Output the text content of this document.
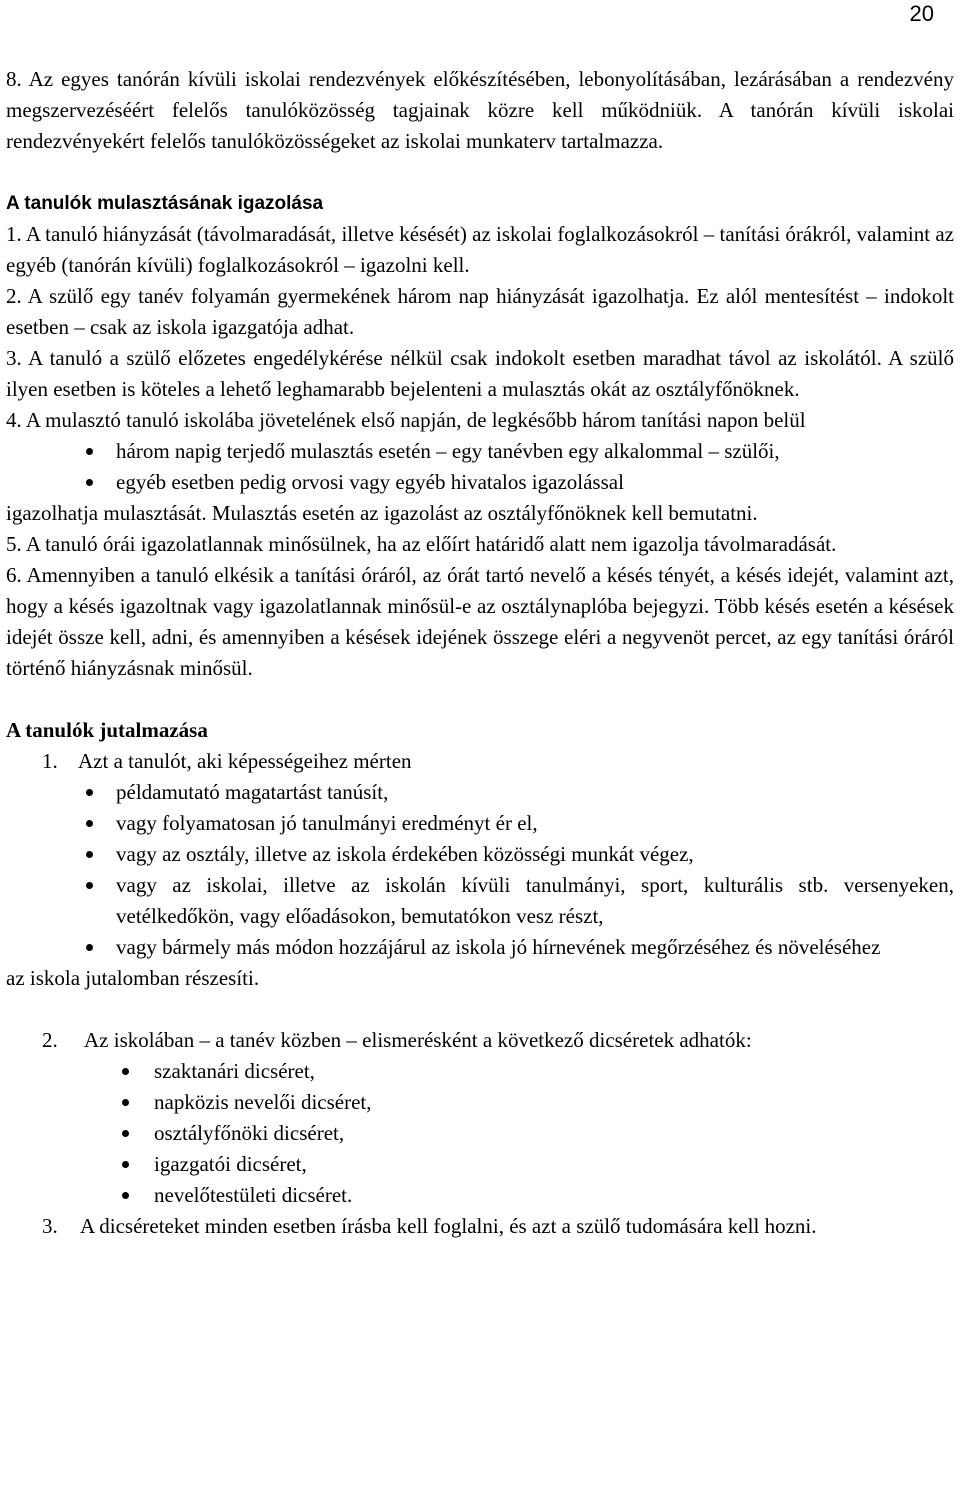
20

8. Az egyes tanórán kívüli iskolai rendezvények előkészítésében, lebonyolításában, lezárásában a rendezvény megszervezéséért felelős tanulóközösség tagjainak közre kell működniük. A tanórán kívüli iskolai rendezvényekért felelős tanulóközösségeket az iskolai munkaterv tartalmazza.

A tanulók mulasztásának igazolása

1. A tanuló hiányzását (távolmaradását, illetve késését) az iskolai foglalkozásokról – tanítási órákról, valamint az egyéb (tanórán kívüli) foglalkozásokról – igazolni kell.

2. A szülő egy tanév folyamán gyermekének három nap hiányzását igazolhatja. Ez alól mentesítést – indokolt esetben – csak az iskola igazgatója adhat.

3. A tanuló a szülő előzetes engedélykérése nélkül csak indokolt esetben maradhat távol az iskolától. A szülő ilyen esetben is köteles a lehető leghamarabb bejelenteni a mulasztás okát az osztályfőnöknek.

4. A mulasztó tanuló iskolába jövetelének első napján, de legkésőbb három tanítási napon belül

három napig terjedő mulasztás esetén – egy tanévben egy alkalommal – szülői,
egyéb esetben pedig orvosi vagy egyéb hivatalos igazolással

igazolhatja mulasztását. Mulasztás esetén az igazolást az osztályfőnöknek kell bemutatni.

5. A tanuló órái igazolatlannak minősülnek, ha az előírt határidő alatt nem igazolja távolmaradását.

6. Amennyiben a tanuló elkésik a tanítási óráról, az órát tartó nevelő a késés tényét, a késés idejét, valamint azt, hogy a késés igazoltnak vagy igazolatlannak minősül-e az osztálynaplóba bejegyzi. Több késés esetén a késések idejét össze kell, adni, és amennyiben a késések idejének összege eléri a negyvenöt percet, az egy tanítási óráról történő hiányzásnak minősül.

A tanulók jutalmazása

1. Azt a tanulót, aki képességeihez mérten

példamutató magatartást tanúsít,
vagy folyamatosan jó tanulmányi eredményt ér el,
vagy az osztály, illetve az iskola érdekében közösségi munkát végez,
vagy az iskolai, illetve az iskolán kívüli tanulmányi, sport, kulturális stb. versenyeken, vetélkedőkön, vagy előadásokon, bemutatókon vesz részt,
vagy bármely más módon hozzájárul az iskola jó hírnevének megőrzéséhez és növeléséhez

az iskola jutalomban részesíti.

2. Az iskolában – a tanév közben – elismerésként a következő dicséretek adhatók:

szaktanári dicséret,
napközis nevelői dicséret,
osztályfőnöki dicséret,
igazgatói dicséret,
nevelőtestületi dicséret.

3. A dicséreteket minden esetben írásba kell foglalni, és azt a szülő tudomására kell hozni.
